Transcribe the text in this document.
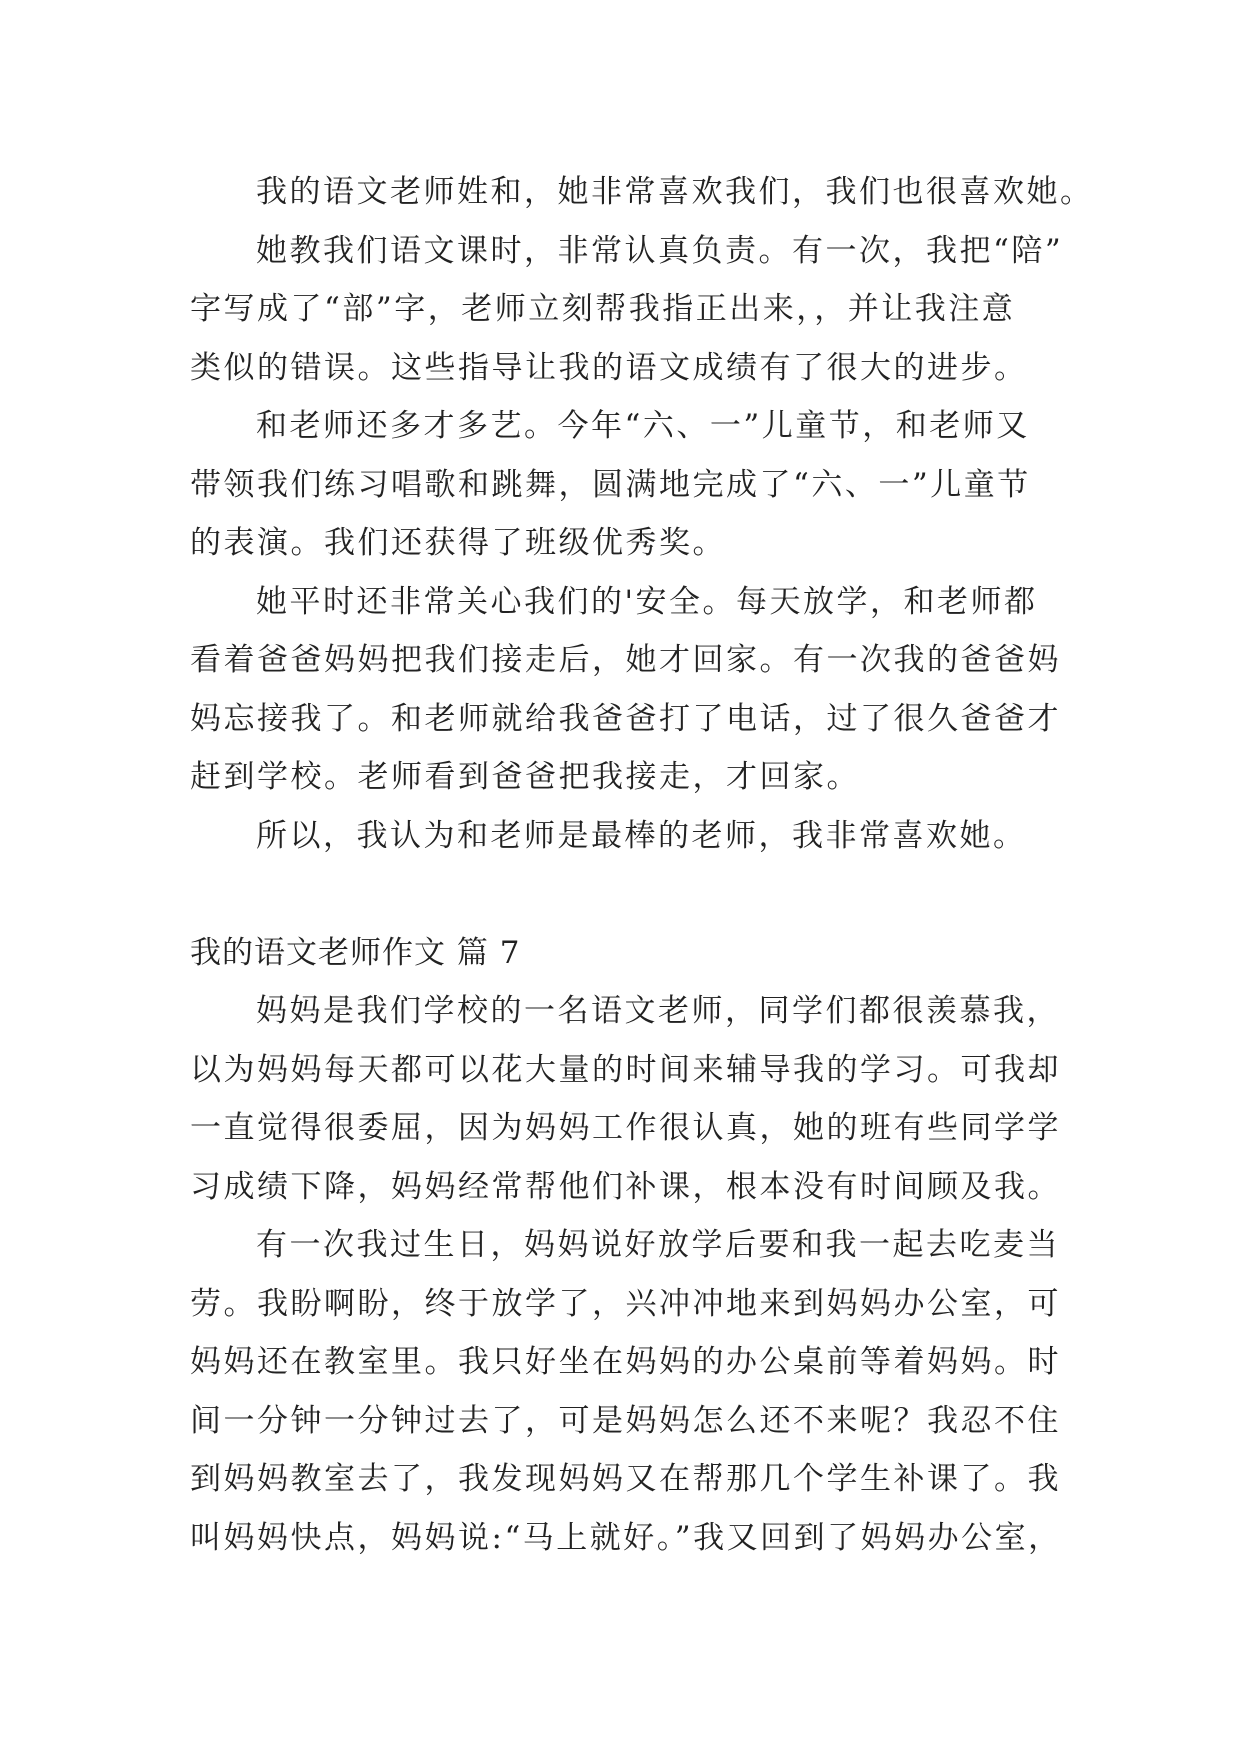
我的语文老师姓和，她非常喜欢我们，我们也很喜欢她。
她教我们语文课时，非常认真负责。有一次，我把“陪”
字写成了“部”字，老师立刻帮我指正出来，，并让我注意
类似的错误。这些指导让我的语文成绩有了很大的进步。
和老师还多才多艺。今年“六、一”儿童节，和老师又
带领我们练习唱歌和跳舞，圆满地完成了“六、一”儿童节
的表演。我们还获得了班级优秀奖。
她平时还非常关心我们的'安全。每天放学，和老师都
看着爸爸妈妈把我们接走后，她才回家。有一次我的爸爸妈
妈忘接我了。和老师就给我爸爸打了电话，过了很久爸爸才
赶到学校。老师看到爸爸把我接走，才回家。
所以，我认为和老师是最棒的老师，我非常喜欢她。
我的语文老师作文 篇 7
妈妈是我们学校的一名语文老师，同学们都很羡慕我，
以为妈妈每天都可以花大量的时间来辅导我的学习。可我却
一直觉得很委屈，因为妈妈工作很认真，她的班有些同学学
习成绩下降，妈妈经常帮他们补课，根本没有时间顾及我。
有一次我过生日，妈妈说好放学后要和我一起去吃麦当
劳。我盼啊盼，终于放学了，兴冲冲地来到妈妈办公室，可
妈妈还在教室里。我只好坐在妈妈的办公桌前等着妈妈。时
间一分钟一分钟过去了，可是妈妈怎么还不来呢？我忍不住
到妈妈教室去了，我发现妈妈又在帮那几个学生补课了。我
叫妈妈快点，妈妈说:“马上就好。”我又回到了妈妈办公室，
